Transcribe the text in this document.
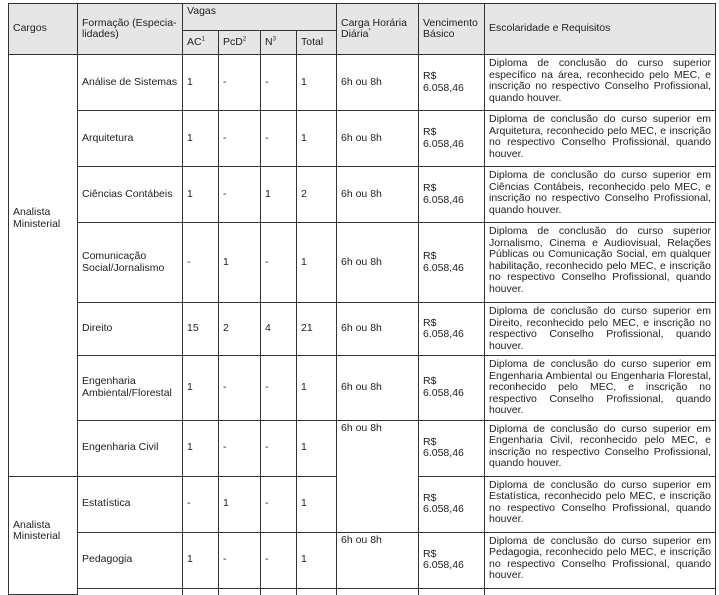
Cargos	Formação (Especialidades)	Vagas				Carga Horária Diária*	Vencimento Básico	Escolaridade e Requisitos
		$AC^1$	PcD$^2$	$N^3$	Total			
Analista Ministerial	Análise de Sistemas	1	-	-	1	6h ou 8h	R$ 6.058,46	Diploma de conclusão do curso superior específico na área, reconhecido pelo MEC, e inscrição no respectivo Conselho Profissional, quando houver.
	Arquitetura	1	-	-	1	6h ou 8h	R$ 6.058,46	Diploma de conclusão do curso superior em Arquitetura, reconhecido pelo MEC, e inscrição no respectivo Conselho Profissional, quando houver.
	Ciências Contábeis	1	-	1	2	6h ou 8h	R$ 6.058,46	Diploma de conclusão do curso superior em Ciências Contábeis, reconhecido pelo MEC, e inscrição no respectivo Conselho Profissional, quando houver.
	Comunicação Social/Jornalismo	-	1	-	1	6h ou 8h	R$ 6.058,46	Diploma de conclusão do curso superior Jornalismo, Cinema e Audiovisual, Relações Públicas ou Comunicação Social, em qualquer habilitação, reconhecido pelo MEC, e inscrição no respectivo Conselho Profissional, quando houver.
	Direito	15	2	4	21	6h ou 8h	R$ 6.058,46	Diploma de conclusão do curso superior em Direito, reconhecido pelo MEC, e inscrição no respectivo Conselho Profissional, quando houver.
	Engenharia Ambiental/Florestal	1	-	-	1	6h ou 8h	R$ 6.058,46	Diploma de conclusão do curso superior em Engenharia Ambiental ou Engenharia Florestal, reconhecido pelo MEC, e inscrição no respectivo Conselho Profissional, quando houver.
	Engenharia Civil	1	-	-	1	6h ou 8h	R$ 6.058,46	Diploma de conclusão do curso superior em Engenharia Civil, reconhecido pelo MEC, e inscrição no respectivo Conselho Profissional, quando houver.
Analista Ministerial	Estatística	-	1	-	1		R$ 6.058,46	Diploma de conclusão do curso superior em Estatística, reconhecido pelo MEC, e inscrição no respectivo Conselho Profissional, quando houver.
	Pedagogia	1	-	-	1	6h ou 8h	R$ 6.058,46	Diploma de conclusão do curso superior em Pedagogia, reconhecido pelo MEC, e inscrição no respectivo Conselho Profissional, quando houver.
